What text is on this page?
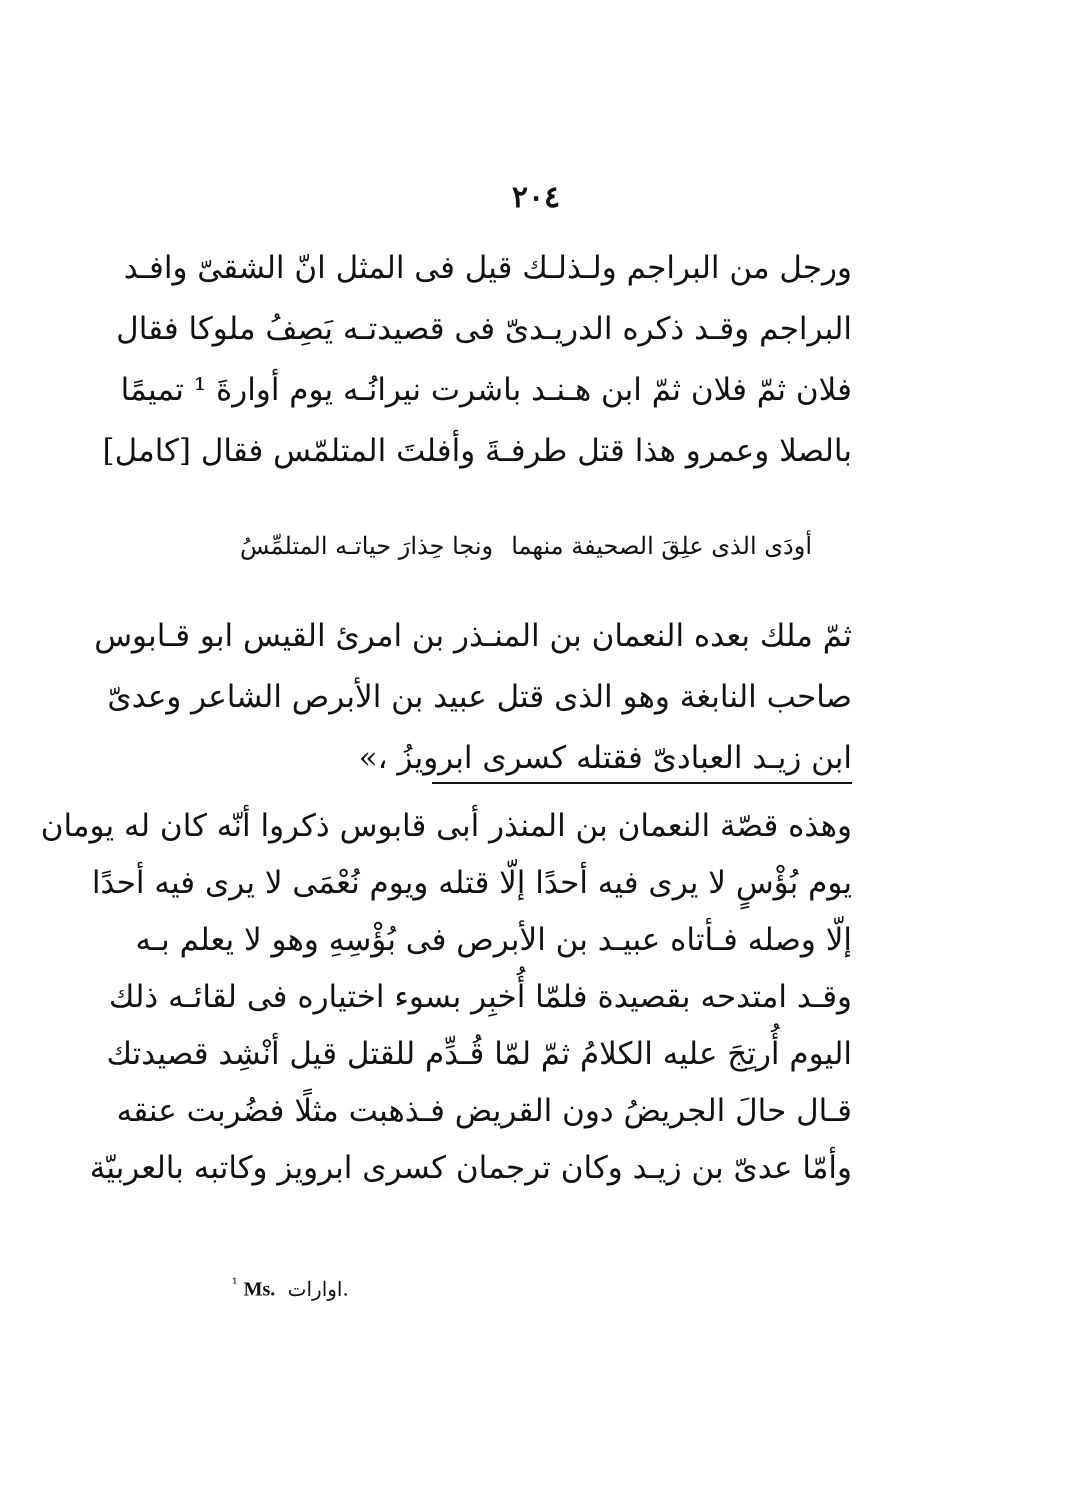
٢٠٤
ورجل من البراجم ولـذلـك قيل فى المثل انّ الشقىّ وافـد
البراجم وقـد ذكره الدريـدىّ فى قصيدتـه يَصِفُ ملوكا فقال
فلان ثمّ فلان ثمّ ابن هـنـد باشرت نيرانُـه يوم أوارةَ ¹ تميمًا
بالصلا وعمرو هذا قتل طرفـةَ وأفلتَ المتلمّس فقال [كامل]
أودَى الذى علِقَ الصحيفة منهما
ونجا حِذارَ حياتـه المتلمِّسُ
ثمّ ملك بعده النعمان بن المنـذر بن امرئ القيس ابو قـابوس
صاحب النابغة وهو الذى قتل عبيد بن الأبرص الشاعر وعدىّ
ابن زيـد العبادىّ فقتله كسرى ابرويزُ ،»
وهذه قصّة النعمان بن المنذر أبى قابوس ذكروا أنّه كان له يومان
يوم بُؤْسٍ لا يرى فيه أحدًا إلّا قتله ويوم نُعْمَى لا يرى فيه أحدًا
إلّا وصله فـأتاه عبيـد بن الأبرص فى بُؤْسِهِ وهو لا يعلم بـه
وقـد امتدحه بقصيدة فلمّا أُخبِر بسوء اختياره فى لقائـه ذلك
اليوم أُرتِجَ عليه الكلامُ ثمّ لمّا قُـدِّم للقتل قيل أنْشِد قصيدتك
قـال حالَ الجريضُ دون القريض فـذهبت مثلًا فضُربت عنقه
وأمّا عدىّ بن زيـد وكان ترجمان كسرى ابرويز وكاتبه بالعربيّة
$^{^1}$ Ms. اوارات.
